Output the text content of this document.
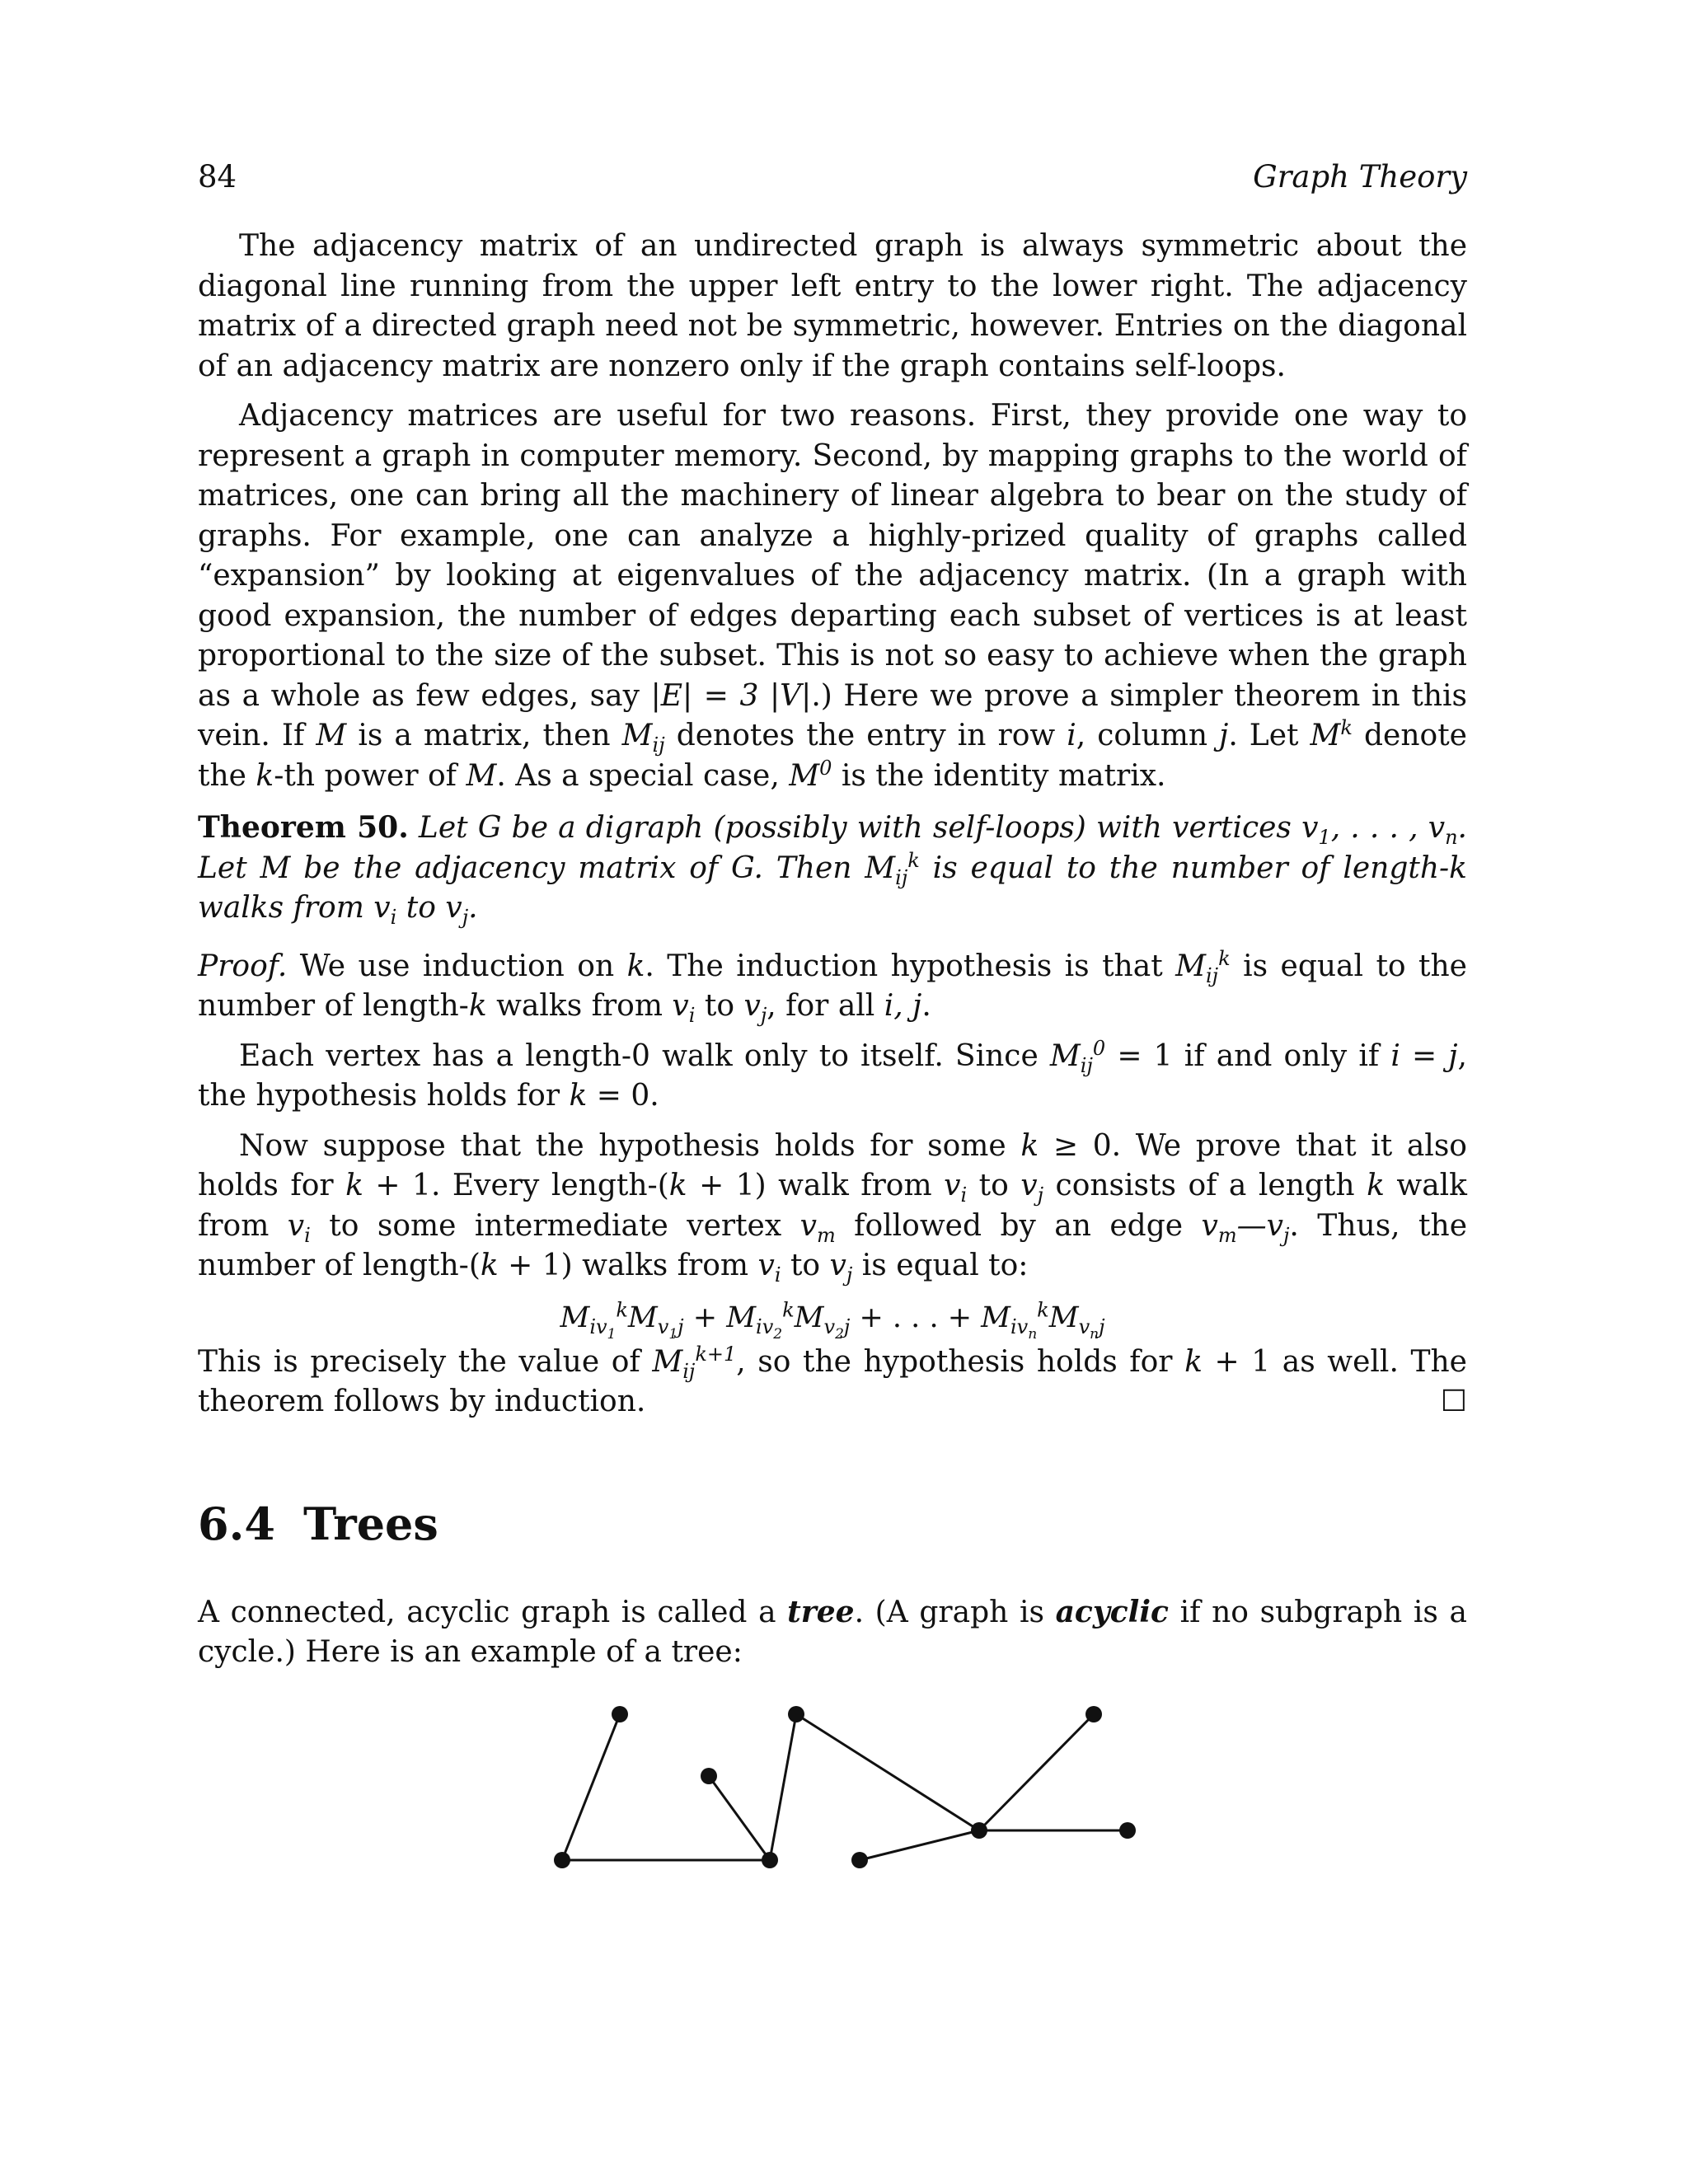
84	Graph Theory

The adjacency matrix of an undirected graph is always symmetric about the diagonal line running from the upper left entry to the lower right. The adjacency matrix of a directed graph need not be symmetric, however. Entries on the diagonal of an adjacency matrix are nonzero only if the graph contains self-loops.

Adjacency matrices are useful for two reasons. First, they provide one way to represent a graph in computer memory. Second, by mapping graphs to the world of matrices, one can bring all the machinery of linear algebra to bear on the study of graphs. For example, one can analyze a highly-prized quality of graphs called “expansion” by looking at eigenvalues of the adjacency matrix. (In a graph with good expansion, the number of edges departing each subset of vertices is at least proportional to the size of the subset. This is not so easy to achieve when the graph as a whole as few edges, say |E| = 3 |V|.) Here we prove a simpler theorem in this vein. If M is a matrix, then $M_{ij}$ denotes the entry in row i, column j. Let $M^k$ denote the k-th power of M. As a special case, $M^0$ is the identity matrix.

Theorem 50. Let G be a digraph (possibly with self-loops) with vertices $v_1$, . . . , $v_n$. Let M be the adjacency matrix of G. Then $M_{ij}^k$ is equal to the number of length-k walks from $v_i$ to $v_j$.

Proof. We use induction on k. The induction hypothesis is that $M_{ij}^k$ is equal to the number of length-k walks from $v_i$ to $v_j$, for all i, j.

Each vertex has a length-0 walk only to itself. Since $M_{ij}^0 = 1$ if and only if i = j, the hypothesis holds for k = 0.

Now suppose that the hypothesis holds for some k ≥ 0. We prove that it also holds for k + 1. Every length-(k + 1) walk from $v_i$ to $v_j$ consists of a length k walk from $v_i$ to some intermediate vertex $v_m$ followed by an edge $v_m—v_j$. Thus, the number of length-(k + 1) walks from $v_i$ to $v_j$ is equal to:

$M_{iv_1}^kM_{v_1j} + M_{iv_2}^kM_{v_2j}$ + . . . + $M_{iv_n}^kM_{v_nj}$

This is precisely the value of $M_{ij}^{k+1}$, so the hypothesis holds for k + 1 as well. The theorem follows by induction.	☐

6.4 Trees

A connected, acyclic graph is called a tree. (A graph is acyclic if no subgraph is a cycle.) Here is an example of a tree:
